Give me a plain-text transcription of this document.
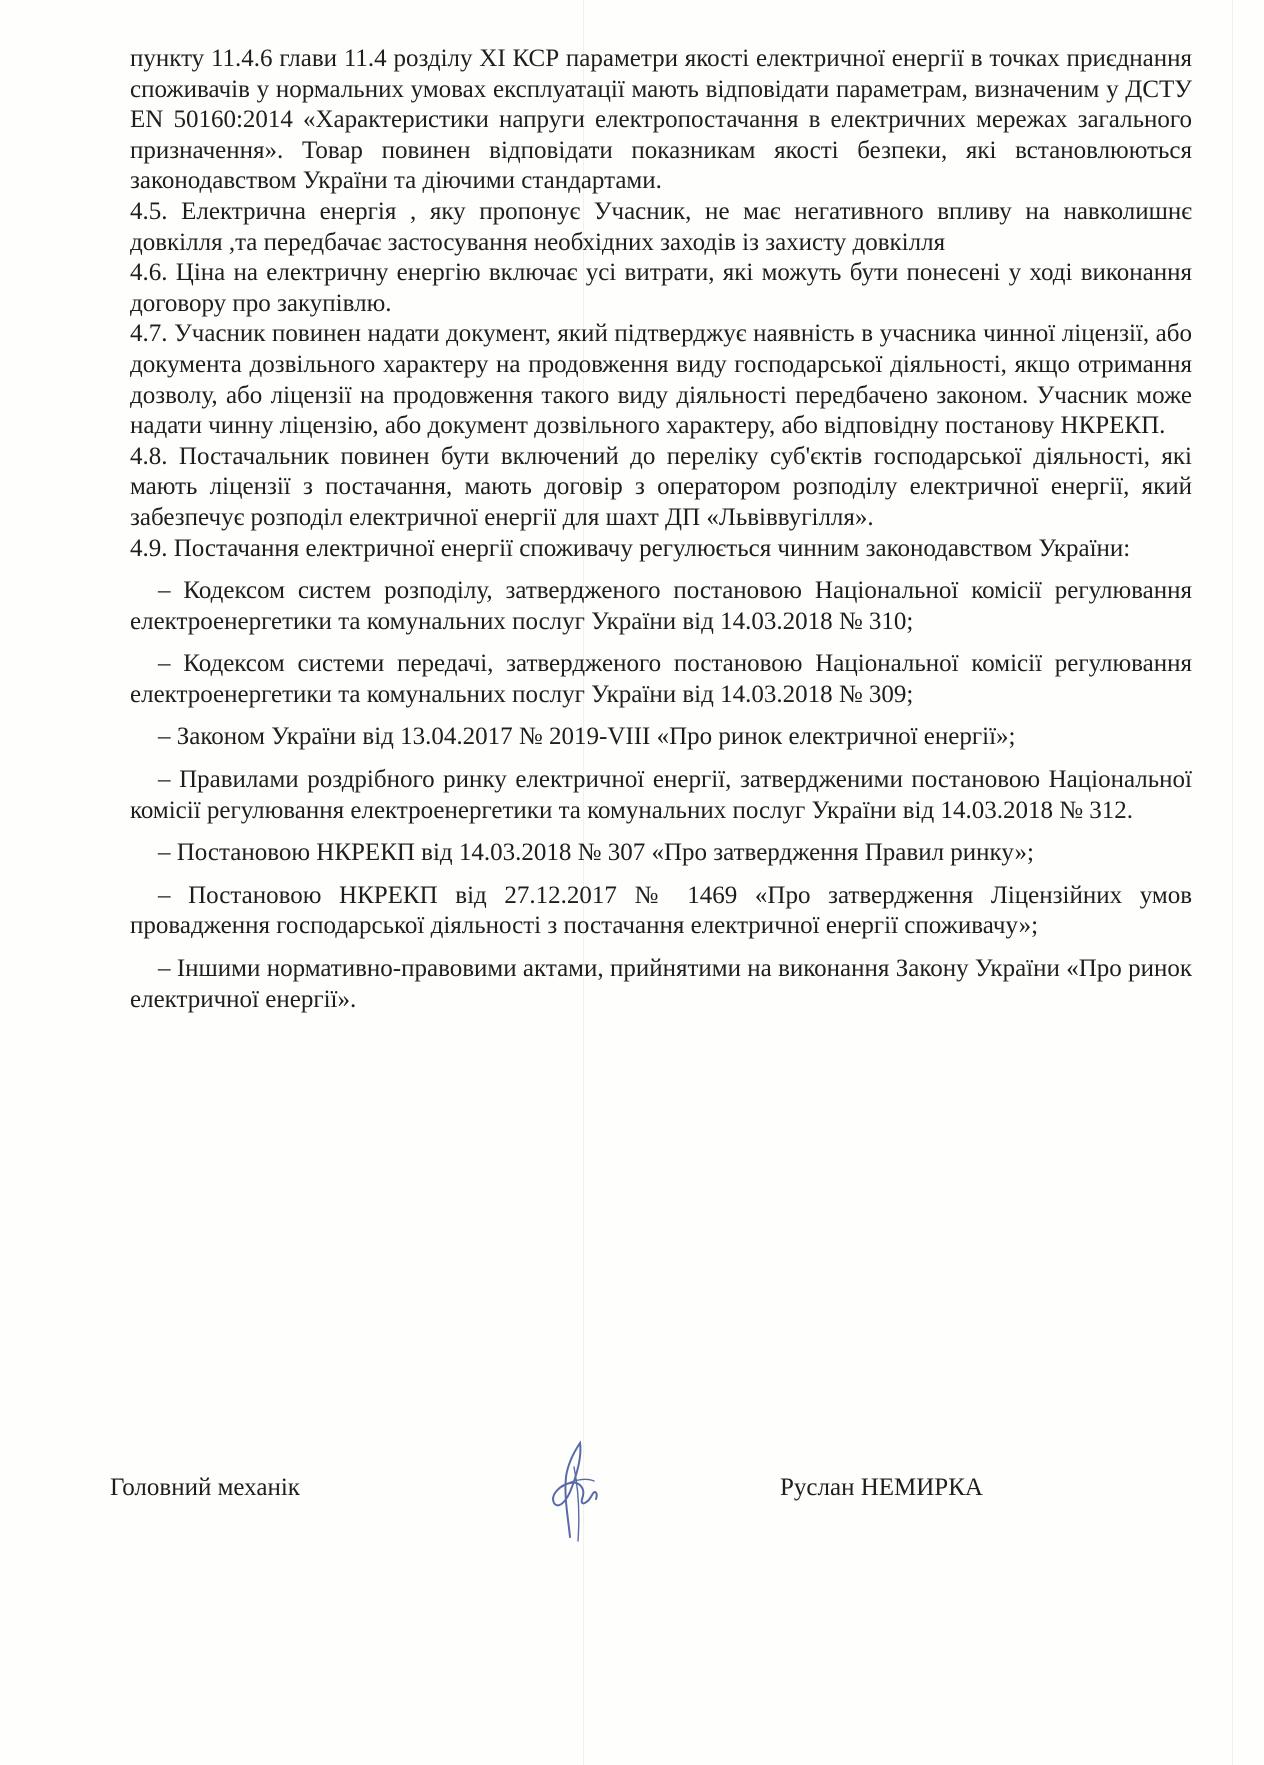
пункту 11.4.6 глави 11.4 розділу XI КСР параметри якості електричної енергії в точках приєднання споживачів у нормальних умовах експлуатації мають відповідати параметрам, визначеним у ДСТУ EN 50160:2014 «Характеристики напруги електропостачання в електричних мережах загального призначення». Товар повинен відповідати показникам якості безпеки, які встановлюються законодавством України та діючими стандартами.

4.5. Електрична енергія , яку пропонує Учасник, не має негативного впливу на навколишнє довкілля ,та передбачає застосування необхідних заходів із захисту довкілля

4.6. Ціна на електричну енергію включає усі витрати, які можуть бути понесені у ході виконання договору про закупівлю.

4.7. Учасник повинен надати документ, який підтверджує наявність в учасника чинної ліцензії, або документа дозвільного характеру на продовження виду господарської діяльності, якщо отримання дозволу, або ліцензії на продовження такого виду діяльності передбачено законом. Учасник може надати чинну ліцензію, або документ дозвільного характеру, або відповідну постанову НКРЕКП.

4.8. Постачальник повинен бути включений до переліку суб'єктів господарської діяльності, які мають ліцензії з постачання, мають договір з оператором розподілу електричної енергії, який забезпечує розподіл електричної енергії для шахт ДП «Львіввугілля».

4.9. Постачання електричної енергії споживачу регулюється чинним законодавством України:

– Кодексом систем розподілу, затвердженого постановою Національної комісії регулювання електроенергетики та комунальних послуг України від 14.03.2018 № 310;

– Кодексом системи передачі, затвердженого постановою Національної комісії регулювання електроенергетики та комунальних послуг України від 14.03.2018 № 309;

– Законом України від 13.04.2017 № 2019-VIII «Про ринок електричної енергії»;

– Правилами роздрібного ринку електричної енергії, затвердженими постановою Національної комісії регулювання електроенергетики та комунальних послуг України від 14.03.2018 № 312.

– Постановою НКРЕКП від 14.03.2018 № 307 «Про затвердження Правил ринку»;

– Постановою НКРЕКП від 27.12.2017 № 1469 «Про затвердження Ліцензійних умов провадження господарської діяльності з постачання електричної енергії споживачу»;

– Іншими нормативно-правовими актами, прийнятими на виконання Закону України «Про ринок електричної енергії».

Головний механік	Руслан НЕМИРКА
